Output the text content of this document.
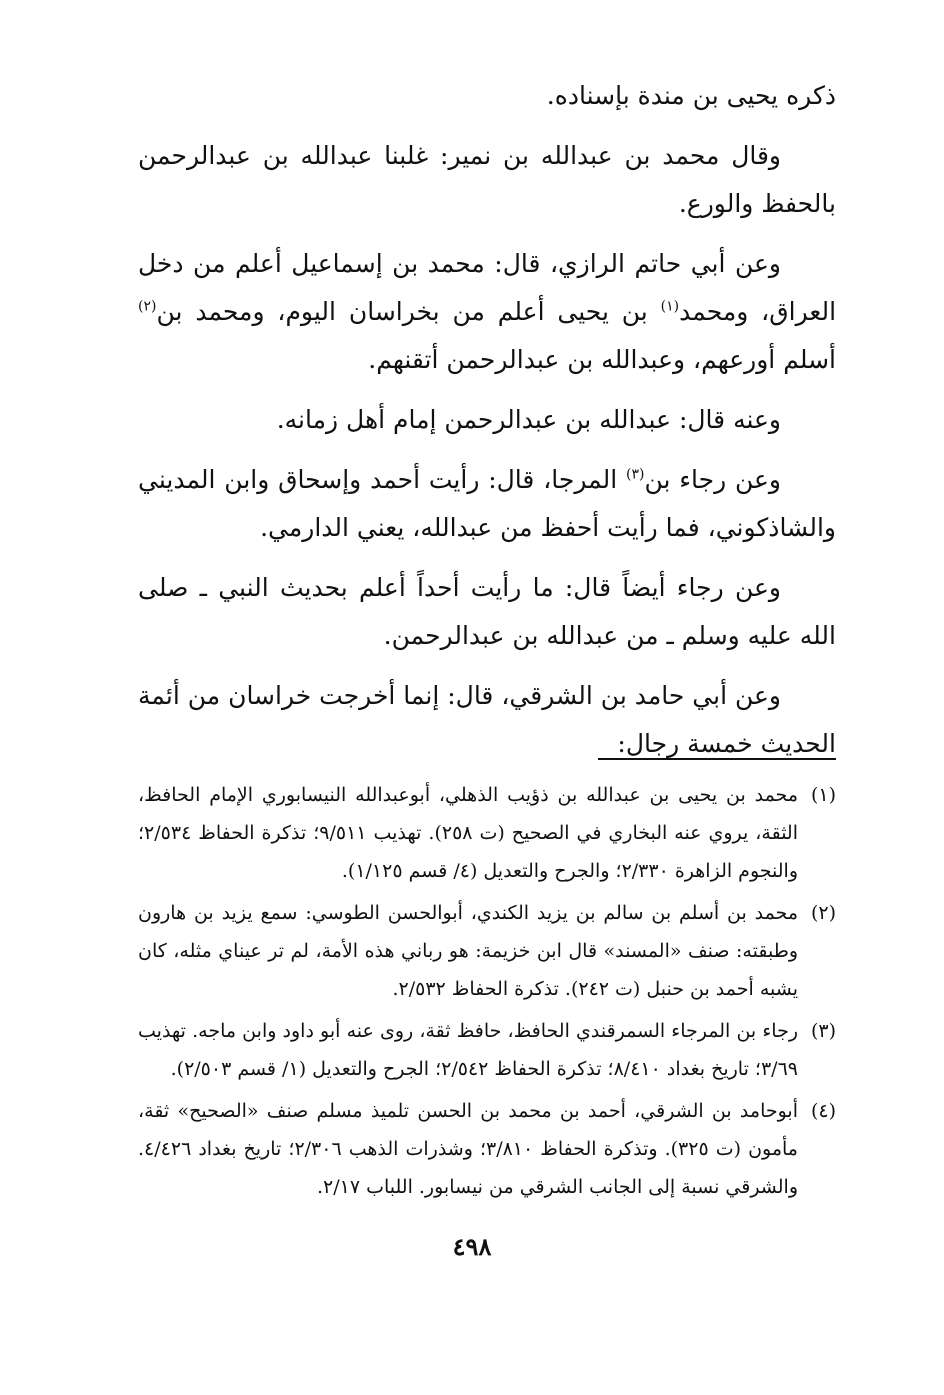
ذكره يحيى بن مندة بإسناده.

وقال محمد بن عبدالله بن نمير: غلبنا عبدالله بن عبدالرحمن بالحفظ والورع.

وعن أبي حاتم الرازي، قال: محمد بن إسماعيل أعلم من دخل العراق، ومحمد$^{(١)}$ بن يحيى أعلم من بخراسان اليوم، ومحمد بن$^{(٢)}$ أسلم أورعهم، وعبدالله بن عبدالرحمن أتقنهم.

وعنه قال: عبدالله بن عبدالرحمن إمام أهل زمانه.

وعن رجاء بن$^{(٣)}$ المرجا، قال: رأيت أحمد وإسحاق وابن المديني والشاذكوني، فما رأيت أحفظ من عبدالله، يعني الدارمي.

وعن رجاء أيضاً قال: ما رأيت أحداً أعلم بحديث النبي ـ صلى الله عليه وسلم ـ من عبدالله بن عبدالرحمن.

وعن أبي حامد بن الشرقي، قال: إنما أخرجت خراسان من أئمة الحديث خمسة رجال:

(١)
محمد بن يحيى بن عبدالله بن ذؤيب الذهلي، أبوعبدالله النيسابوري الإمام الحافظ، الثقة، يروي عنه البخاري في الصحيح (ت ٢٥٨). تهذيب ٩/٥١١؛ تذكرة الحفاظ ٢/٥٣٤؛ والنجوم الزاهرة ٢/٣٣٠؛ والجرح والتعديل (٤/ قسم ١/١٢٥).
(٢)
محمد بن أسلم بن سالم بن يزيد الكندي، أبوالحسن الطوسي: سمع يزيد بن هارون وطبقته: صنف «المسند» قال ابن خزيمة: هو رباني هذه الأمة، لم تر عيناي مثله، كان يشبه أحمد بن حنبل (ت ٢٤٢). تذكرة الحفاظ ٢/٥٣٢.
(٣)
رجاء بن المرجاء السمرقندي الحافظ، حافظ ثقة، روى عنه أبو داود وابن ماجه. تهذيب ٣/٦٩؛ تاريخ بغداد ٨/٤١٠؛ تذكرة الحفاظ ٢/٥٤٢؛ الجرح والتعديل (١/ قسم ٢/٥٠٣).
(٤)
أبوحامد بن الشرقي، أحمد بن محمد بن الحسن تلميذ مسلم صنف «الصحيح» ثقة، مأمون (ت ٣٢٥). وتذكرة الحفاظ ٣/٨١٠؛ وشذرات الذهب ٢/٣٠٦؛ تاريخ بغداد ٤/٤٢٦. والشرقي نسبة إلى الجانب الشرقي من نيسابور. اللباب ٢/١٧.
٤٩٨
